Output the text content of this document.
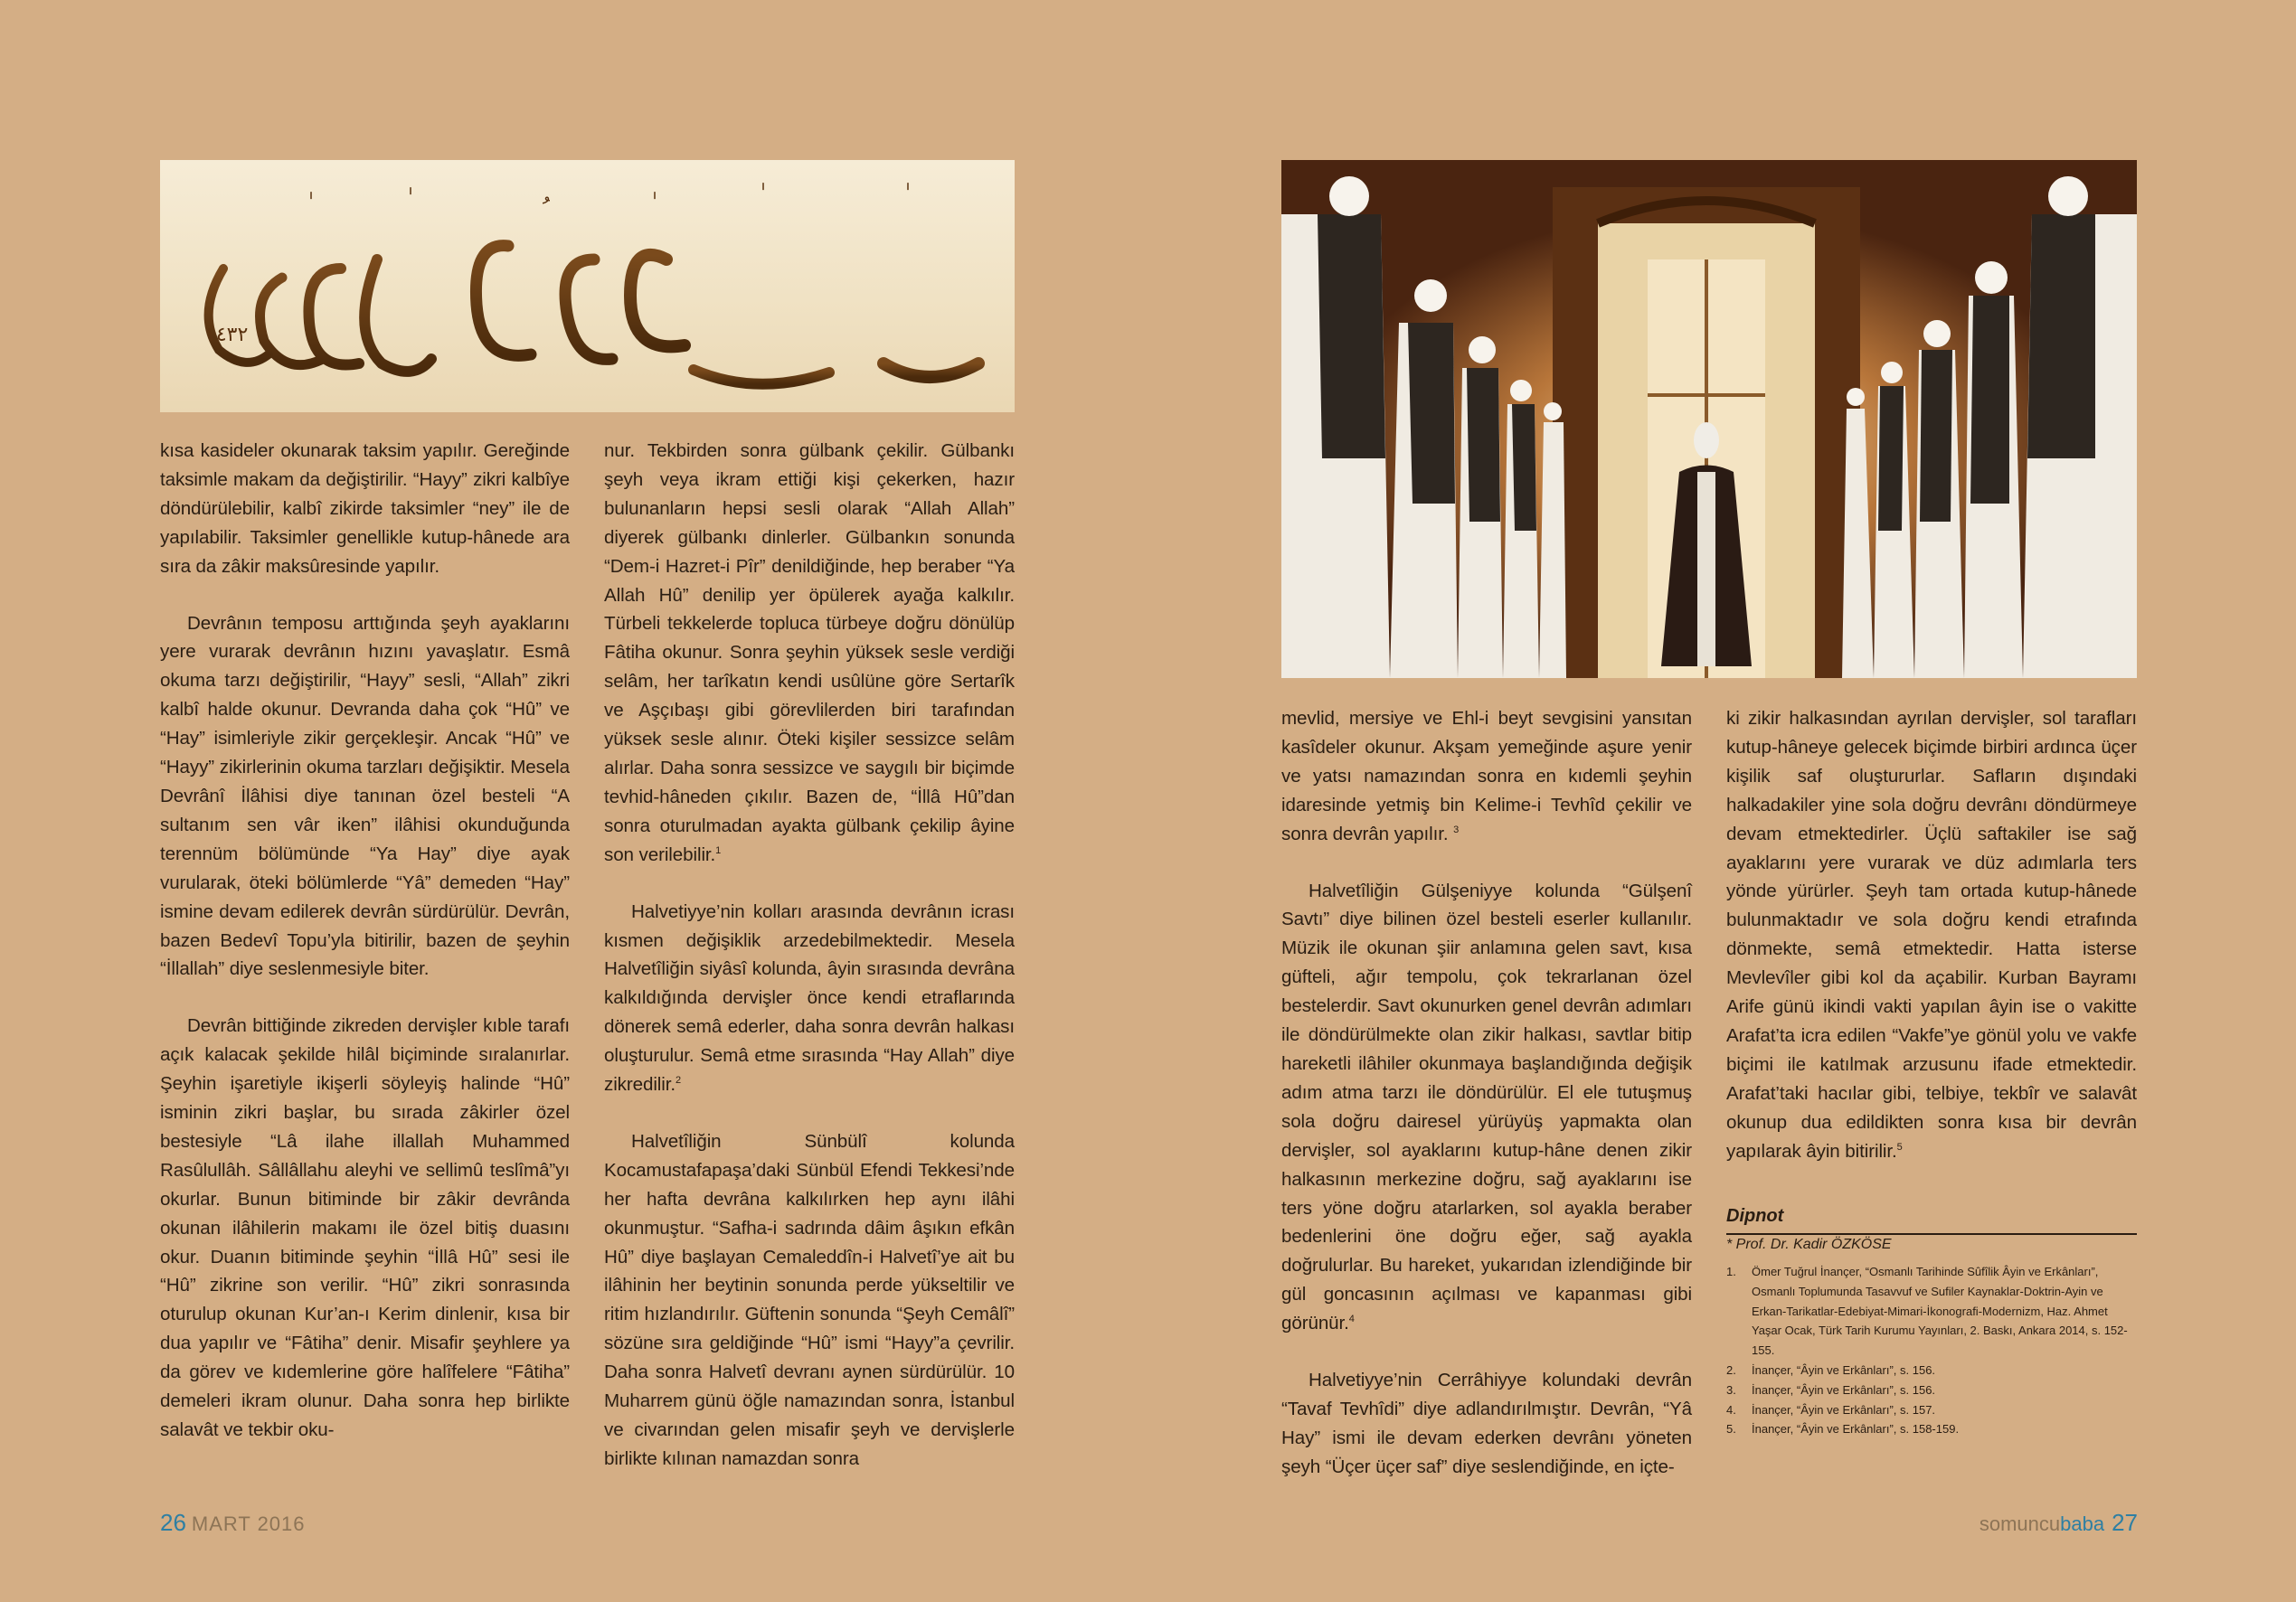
١٤٣٢

kısa kasideler okunarak taksim yapılır. Gereğinde taksimle makam da değiştirilir. “Hayy” zikri kalbîye döndürülebilir, kalbî zikirde taksimler “ney” ile de yapılabilir. Taksimler genellikle kutup-hânede ara sıra da zâkir maksûresinde yapılır.

Devrânın temposu arttığında şeyh ayaklarını yere vurarak devrânın hızını yavaşlatır. Esmâ okuma tarzı değiştirilir, “Hayy” sesli, “Allah” zikri kalbî halde okunur. Devranda daha çok “Hû” ve “Hay” isimleriyle zikir gerçekleşir. Ancak “Hû” ve “Hayy” zikirlerinin okuma tarzları değişiktir. Mesela Devrânî İlâhisi diye tanınan özel besteli “A sultanım sen vâr iken” ilâhisi okunduğunda terennüm bölümünde “Ya Hay” diye ayak vurularak, öteki bölümlerde “Yâ” demeden “Hay” ismine devam edilerek devrân sürdürülür. Devrân, bazen Bedevî Topu’yla bitirilir, bazen de şeyhin “İllallah” diye seslenmesiyle biter.

Devrân bittiğinde zikreden dervişler kıble tarafı açık kalacak şekilde hilâl biçiminde sıralanırlar. Şeyhin işaretiyle ikişerli söyleyiş halinde “Hû” isminin zikri başlar, bu sırada zâkirler özel bestesiyle “Lâ ilahe illallah Muhammed Rasûlullâh. Sâllâllahu aleyhi ve sellimû teslîmâ”yı okurlar. Bunun bitiminde bir zâkir devrânda okunan ilâhilerin makamı ile özel bitiş duasını okur. Duanın bitiminde şeyhin “İllâ Hû” sesi ile “Hû” zikrine son verilir. “Hû” zikri sonrasında oturulup okunan Kur’an-ı Kerim dinlenir, kısa bir dua yapılır ve “Fâtiha” denir. Misafir şeyhlere ya da görev ve kıdemlerine göre halîfelere “Fâtiha” demeleri ikram olunur. Daha sonra hep birlikte salavât ve tekbir oku-

nur. Tekbirden sonra gülbank çekilir. Gülbankı şeyh veya ikram ettiği kişi çekerken, hazır bulunanların hepsi sesli olarak “Allah Allah” diyerek gülbankı dinlerler. Gülbankın sonunda “Dem-i Hazret-i Pîr” denildiğinde, hep beraber “Ya Allah Hû” denilip yer öpülerek ayağa kalkılır. Türbeli tekkelerde topluca türbeye doğru dönülüp Fâtiha okunur. Sonra şeyhin yüksek sesle verdiği selâm, her tarîkatın kendi usûlüne göre Sertarîk ve Aşçıbaşı gibi görevlilerden biri tarafından yüksek sesle alınır. Öteki kişiler sessizce selâm alırlar. Daha sonra sessizce ve saygılı bir biçimde tevhid-hâneden çıkılır. Bazen de, “İllâ Hû”dan sonra oturulmadan ayakta gülbank çekilip âyine son verilebilir.$^1$

Halvetiyye’nin kolları arasında devrânın icrası kısmen değişiklik arzedebilmektedir. Mesela Halvetîliğin siyâsî kolunda, âyin sırasında devrâna kalkıldığında dervişler önce kendi etraflarında dönerek semâ ederler, daha sonra devrân halkası oluşturulur. Semâ etme sırasında “Hay Allah” diye zikredilir.$^2$

Halvetîliğin Sünbülî kolunda Kocamustafapaşa’daki Sünbül Efendi Tekkesi’nde her hafta devrâna kalkılırken hep aynı ilâhi okunmuştur. “Safha-i sadrında dâim âşıkın efkân Hû” diye başlayan Cemaleddîn-i Halvetî’ye ait bu ilâhinin her beytinin sonunda perde yükseltilir ve ritim hızlandırılır. Güftenin sonunda “Şeyh Cemâlî” sözüne sıra geldiğinde “Hû” ismi “Hayy”a çevrilir. Daha sonra Halvetî devranı aynen sürdürülür. 10 Muharrem günü öğle namazından sonra, İstanbul ve civarından gelen misafir şeyh ve dervişlerle birlikte kılınan namazdan sonra

mevlid, mersiye ve Ehl-i beyt sevgisini yansıtan kasîdeler okunur. Akşam yemeğinde aşure yenir ve yatsı namazından sonra en kıdemli şeyhin idaresinde yetmiş bin Kelime-i Tevhîd çekilir ve sonra devrân yapılır. $^3$

Halvetîliğin Gülşeniyye kolunda “Gülşenî Savtı” diye bilinen özel besteli eserler kullanılır. Müzik ile okunan şiir anlamına gelen savt, kısa güfteli, ağır tempolu, çok tekrarlanan özel bestelerdir. Savt okunurken genel devrân adımları ile döndürülmekte olan zikir halkası, savtlar bitip hareketli ilâhiler okunmaya başlandığında değişik adım atma tarzı ile döndürülür. El ele tutuşmuş sola doğru dairesel yürüyüş yapmakta olan dervişler, sol ayaklarını kutup-hâne denen zikir halkasının merkezine doğru, sağ ayaklarını ise ters yöne doğru atarlarken, sol ayakla beraber bedenlerini öne doğru eğer, sağ ayakla doğrulurlar. Bu hareket, yukarıdan izlendiğinde bir gül goncasının açılması ve kapanması gibi görünür.$^4$

Halvetiyye’nin Cerrâhiyye kolundaki devrân “Tavaf Tevhîdi” diye adlandırılmıştır. Devrân, “Yâ Hay” ismi ile devam ederken devrânı yöneten şeyh “Üçer üçer saf” diye seslendiğinde, en içte-

ki zikir halkasından ayrılan dervişler, sol tarafları kutup-hâneye gelecek biçimde birbiri ardınca üçer kişilik saf oluştururlar. Safların dışındaki halkadakiler yine sola doğru devrânı döndürmeye devam etmektedirler. Üçlü saftakiler ise sağ ayaklarını yere vurarak ve düz adımlarla ters yönde yürürler. Şeyh tam ortada kutup-hânede bulunmaktadır ve sola doğru kendi etrafında dönmekte, semâ etmektedir. Hatta isterse Mevlevîler gibi kol da açabilir. Kurban Bayramı Arife günü ikindi vakti yapılan âyin ise o vakitte Arafat’ta icra edilen “Vakfe”ye gönül yolu ve vakfe biçimi ile katılmak arzusunu ifade etmektedir. Arafat’taki hacılar gibi, telbiye, tekbîr ve salavât okunup dua edildikten sonra kısa bir devrân yapılarak âyin bitirilir.$^5$

Dipnot
* Prof. Dr. Kadir ÖZKÖSE
1. Ömer Tuğrul İnançer, “Osmanlı Tarihinde Sûfîlik Âyin ve Erkânları”, Osmanlı Toplumunda Tasavvuf ve Sufiler Kaynaklar-Doktrin-Ayin ve Erkan-Tarikatlar-Edebiyat-Mimari-İkonografi-Modernizm, Haz. Ahmet Yaşar Ocak, Türk Tarih Kurumu Yayınları, 2. Baskı, Ankara 2014, s. 152-155.
2. İnançer, “Âyin ve Erkânları”, s. 156.
3. İnançer, “Âyin ve Erkânları”, s. 156.
4. İnançer, “Âyin ve Erkânları”, s. 157.
5. İnançer, “Âyin ve Erkânları”, s. 158-159.
26 MART 2016	somuncubaba 27
